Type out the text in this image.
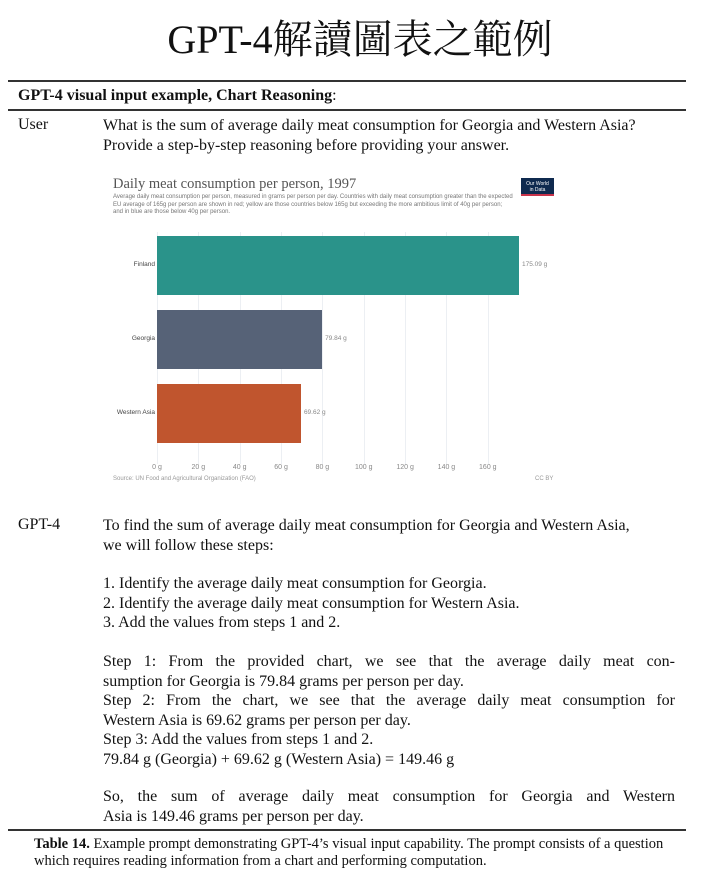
GPT-4解讀圖表之範例
GPT-4 visual input example, Chart Reasoning:
User	What is the sum of average daily meat consumption for Georgia and Western Asia?
Provide a step-by-step reasoning before providing your answer.
Daily meat consumption per person, 1997
Average daily meat consumption per person, measured in grams per person per day. Countries with daily meat consumption greater than the expected EU average of 165g per person are shown in red; yellow are those countries below 165g but exceeding the more ambitious limit of 40g per person; and in blue are those below 40g per person.
Our World
in Data
0 g	20 g	40 g	60 g	80 g	100 g	120 g	140 g	160 g
Finland	175.09 g
Georgia	79.84 g
Western Asia	69.62 g
Source: UN Food and Agricultural Organization (FAO)	CC BY
GPT-4	To find the sum of average daily meat consumption for Georgia and Western Asia,
we will follow these steps:
1. Identify the average daily meat consumption for Georgia.
2. Identify the average daily meat consumption for Western Asia.
3. Add the values from steps 1 and 2.
Step 1: From the provided chart, we see that the average daily meat con-
sumption for Georgia is 79.84 grams per person per day.
Step 2: From the chart, we see that the average daily meat consumption for
Western Asia is 69.62 grams per person per day.
Step 3: Add the values from steps 1 and 2.
79.84 g (Georgia) + 69.62 g (Western Asia) = 149.46 g
So, the sum of average daily meat consumption for Georgia and Western
Asia is 149.46 grams per person per day.
Table 14. Example prompt demonstrating GPT-4’s visual input capability. The prompt consists of a question which requires reading information from a chart and performing computation.
